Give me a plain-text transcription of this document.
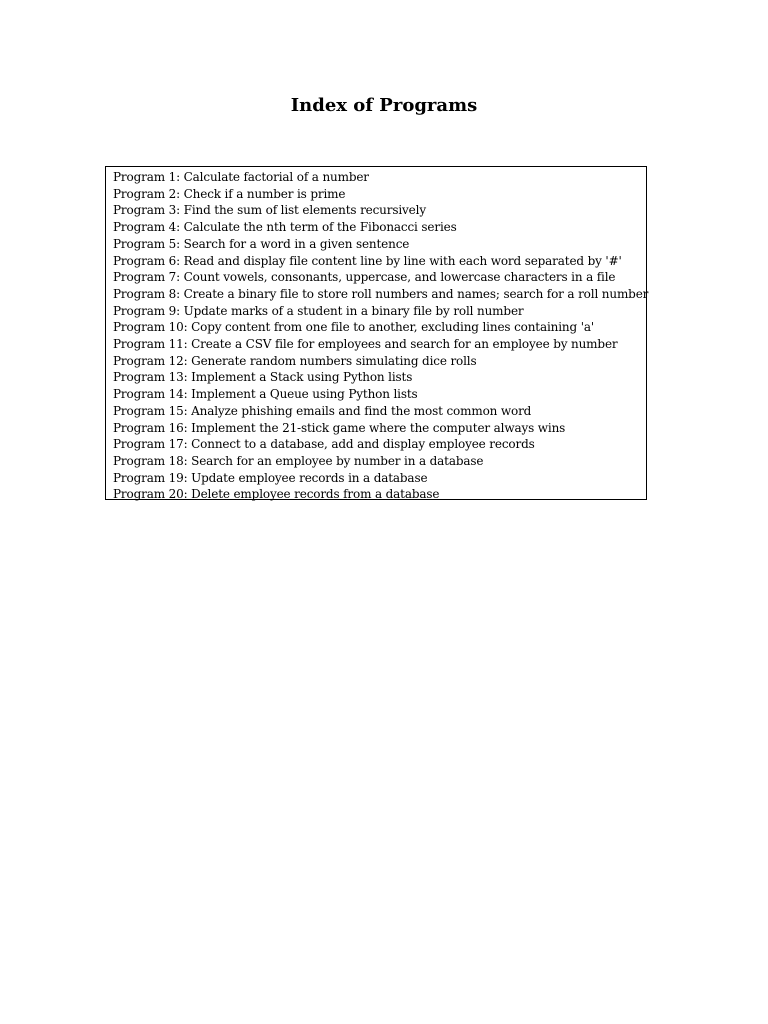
Index of Programs
Program 1: Calculate factorial of a number
Program 2: Check if a number is prime
Program 3: Find the sum of list elements recursively
Program 4: Calculate the nth term of the Fibonacci series
Program 5: Search for a word in a given sentence
Program 6: Read and display file content line by line with each word separated by '#'
Program 7: Count vowels, consonants, uppercase, and lowercase characters in a file
Program 8: Create a binary file to store roll numbers and names; search for a roll number
Program 9: Update marks of a student in a binary file by roll number
Program 10: Copy content from one file to another, excluding lines containing 'a'
Program 11: Create a CSV file for employees and search for an employee by number
Program 12: Generate random numbers simulating dice rolls
Program 13: Implement a Stack using Python lists
Program 14: Implement a Queue using Python lists
Program 15: Analyze phishing emails and find the most common word
Program 16: Implement the 21-stick game where the computer always wins
Program 17: Connect to a database, add and display employee records
Program 18: Search for an employee by number in a database
Program 19: Update employee records in a database
Program 20: Delete employee records from a database
